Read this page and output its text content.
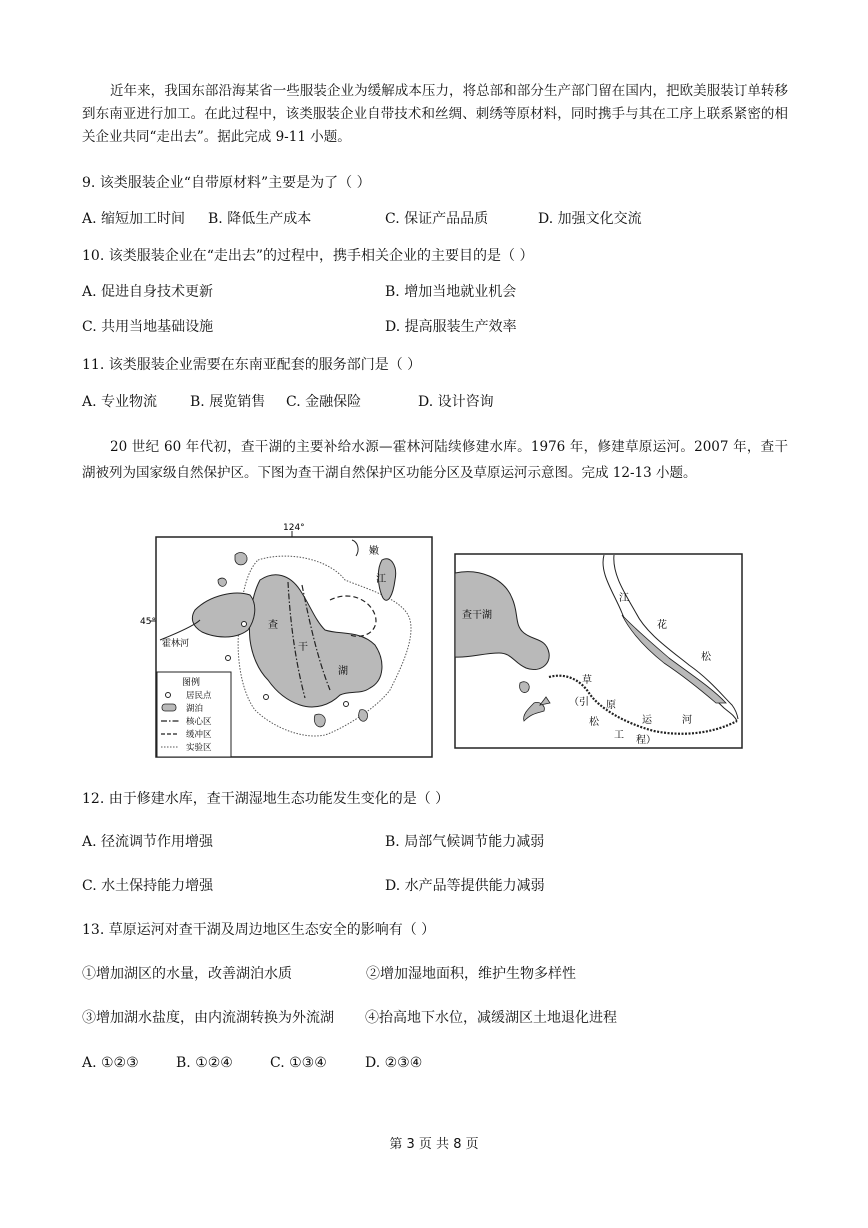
近年来，我国东部沿海某省一些服装企业为缓解成本压力，将总部和部分生产部门留在国内，把欧美服装订单转移到东南亚进行加工。在此过程中，该类服装企业自带技术和丝绸、刺绣等原材料，同时携手与其在工序上联系紧密的相关企业共同“走出去”。据此完成 9-11 小题。
9. 该类服装企业“自带原材料”主要是为了（ ）
A. 缩短加工时间 B. 降低生产成本	C. 保证产品品质	D. 加强文化交流
10. 该类服装企业在“走出去”的过程中，携手相关企业的主要目的是（ ）
A. 促进自身技术更新	B. 增加当地就业机会
C. 共用当地基础设施	D. 提高服装生产效率
11. 该类服装企业需要在东南亚配套的服务部门是（ ）
A. 专业物流 B. 展览销售 C. 金融保险	D. 设计咨询
20 世纪 60 年代初，查干湖的主要补给水源—霍林河陆续修建水库。1976 年，修建草原运河。2007 年，查干湖被列为国家级自然保护区。下图为查干湖自然保护区功能分区及草原运河示意图。完成 12-13 小题。
124°
45°
霍林河
查
干
湖
嫩
江
图例
居民点
湖泊
核心区
缓冲区
实验区
查干湖
江
花
松
草
（引 原
松	运	河
工 程）
12. 由于修建水库，查干湖湿地生态功能发生变化的是（ ）
A. 径流调节作用增强	B. 局部气候调节能力减弱
C. 水土保持能力增强	D. 水产品等提供能力减弱
13. 草原运河对查干湖及周边地区生态安全的影响有（ ）
①增加湖区的水量，改善湖泊水质	②增加湿地面积，维护生物多样性
③增加湖水盐度，由内流湖转换为外流湖 ④抬高地下水位，减缓湖区土地退化进程
A. ①②③	B. ①②④	C. ①③④	D. ②③④
第 3 页 共 8 页
